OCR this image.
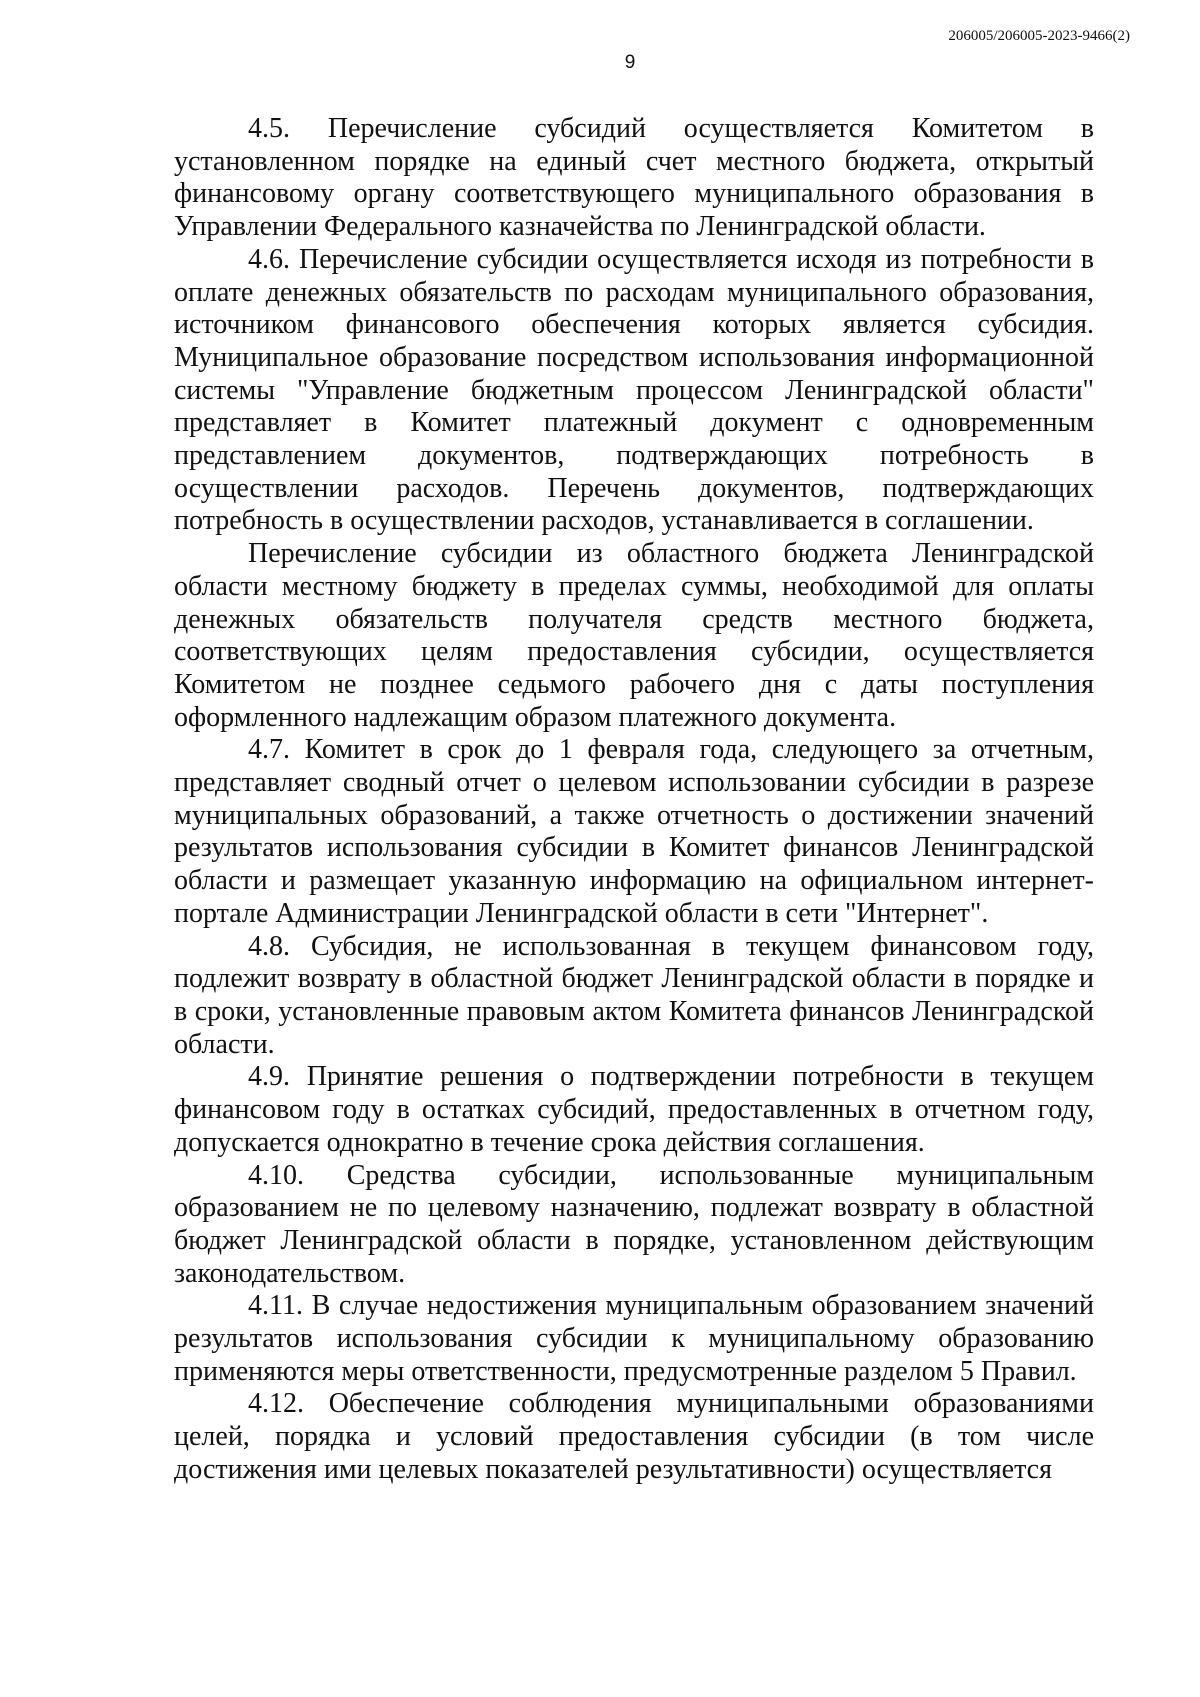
206005/206005-2023-9466(2)
9

4.5. Перечисление субсидий осуществляется Комитетом в установленном порядке на единый счет местного бюджета, открытый финансовому органу соответствующего муниципального образования в Управлении Федерального казначейства по Ленинградской области.

4.6. Перечисление субсидии осуществляется исходя из потребности в оплате денежных обязательств по расходам муниципального образования, источником финансового обеспечения которых является субсидия. Муниципальное образование посредством использования информационной системы "Управление бюджетным процессом Ленинградской области" представляет в Комитет платежный документ с одновременным представлением документов, подтверждающих потребность в осуществлении расходов. Перечень документов, подтверждающих потребность в осуществлении расходов, устанавливается в соглашении.

Перечисление субсидии из областного бюджета Ленинградской области местному бюджету в пределах суммы, необходимой для оплаты денежных обязательств получателя средств местного бюджета, соответствующих целям предоставления субсидии, осуществляется Комитетом не позднее седьмого рабочего дня с даты поступления оформленного надлежащим образом платежного документа.

4.7. Комитет в срок до 1 февраля года, следующего за отчетным, представляет сводный отчет о целевом использовании субсидии в разрезе муниципальных образований, а также отчетность о достижении значений результатов использования субсидии в Комитет финансов Ленинградской области и размещает указанную информацию на официальном интернет-портале Администрации Ленинградской области в сети "Интернет".

4.8. Субсидия, не использованная в текущем финансовом году, подлежит возврату в областной бюджет Ленинградской области в порядке и в сроки, установленные правовым актом Комитета финансов Ленинградской области.

4.9. Принятие решения о подтверждении потребности в текущем финансовом году в остатках субсидий, предоставленных в отчетном году, допускается однократно в течение срока действия соглашения.

4.10. Средства субсидии, использованные муниципальным образованием не по целевому назначению, подлежат возврату в областной бюджет Ленинградской области в порядке, установленном действующим законодательством.

4.11. В случае недостижения муниципальным образованием значений результатов использования субсидии к муниципальному образованию применяются меры ответственности, предусмотренные разделом 5 Правил.

4.12. Обеспечение соблюдения муниципальными образованиями целей, порядка и условий предоставления субсидии (в том числе достижения ими целевых показателей результативности) осуществляется
